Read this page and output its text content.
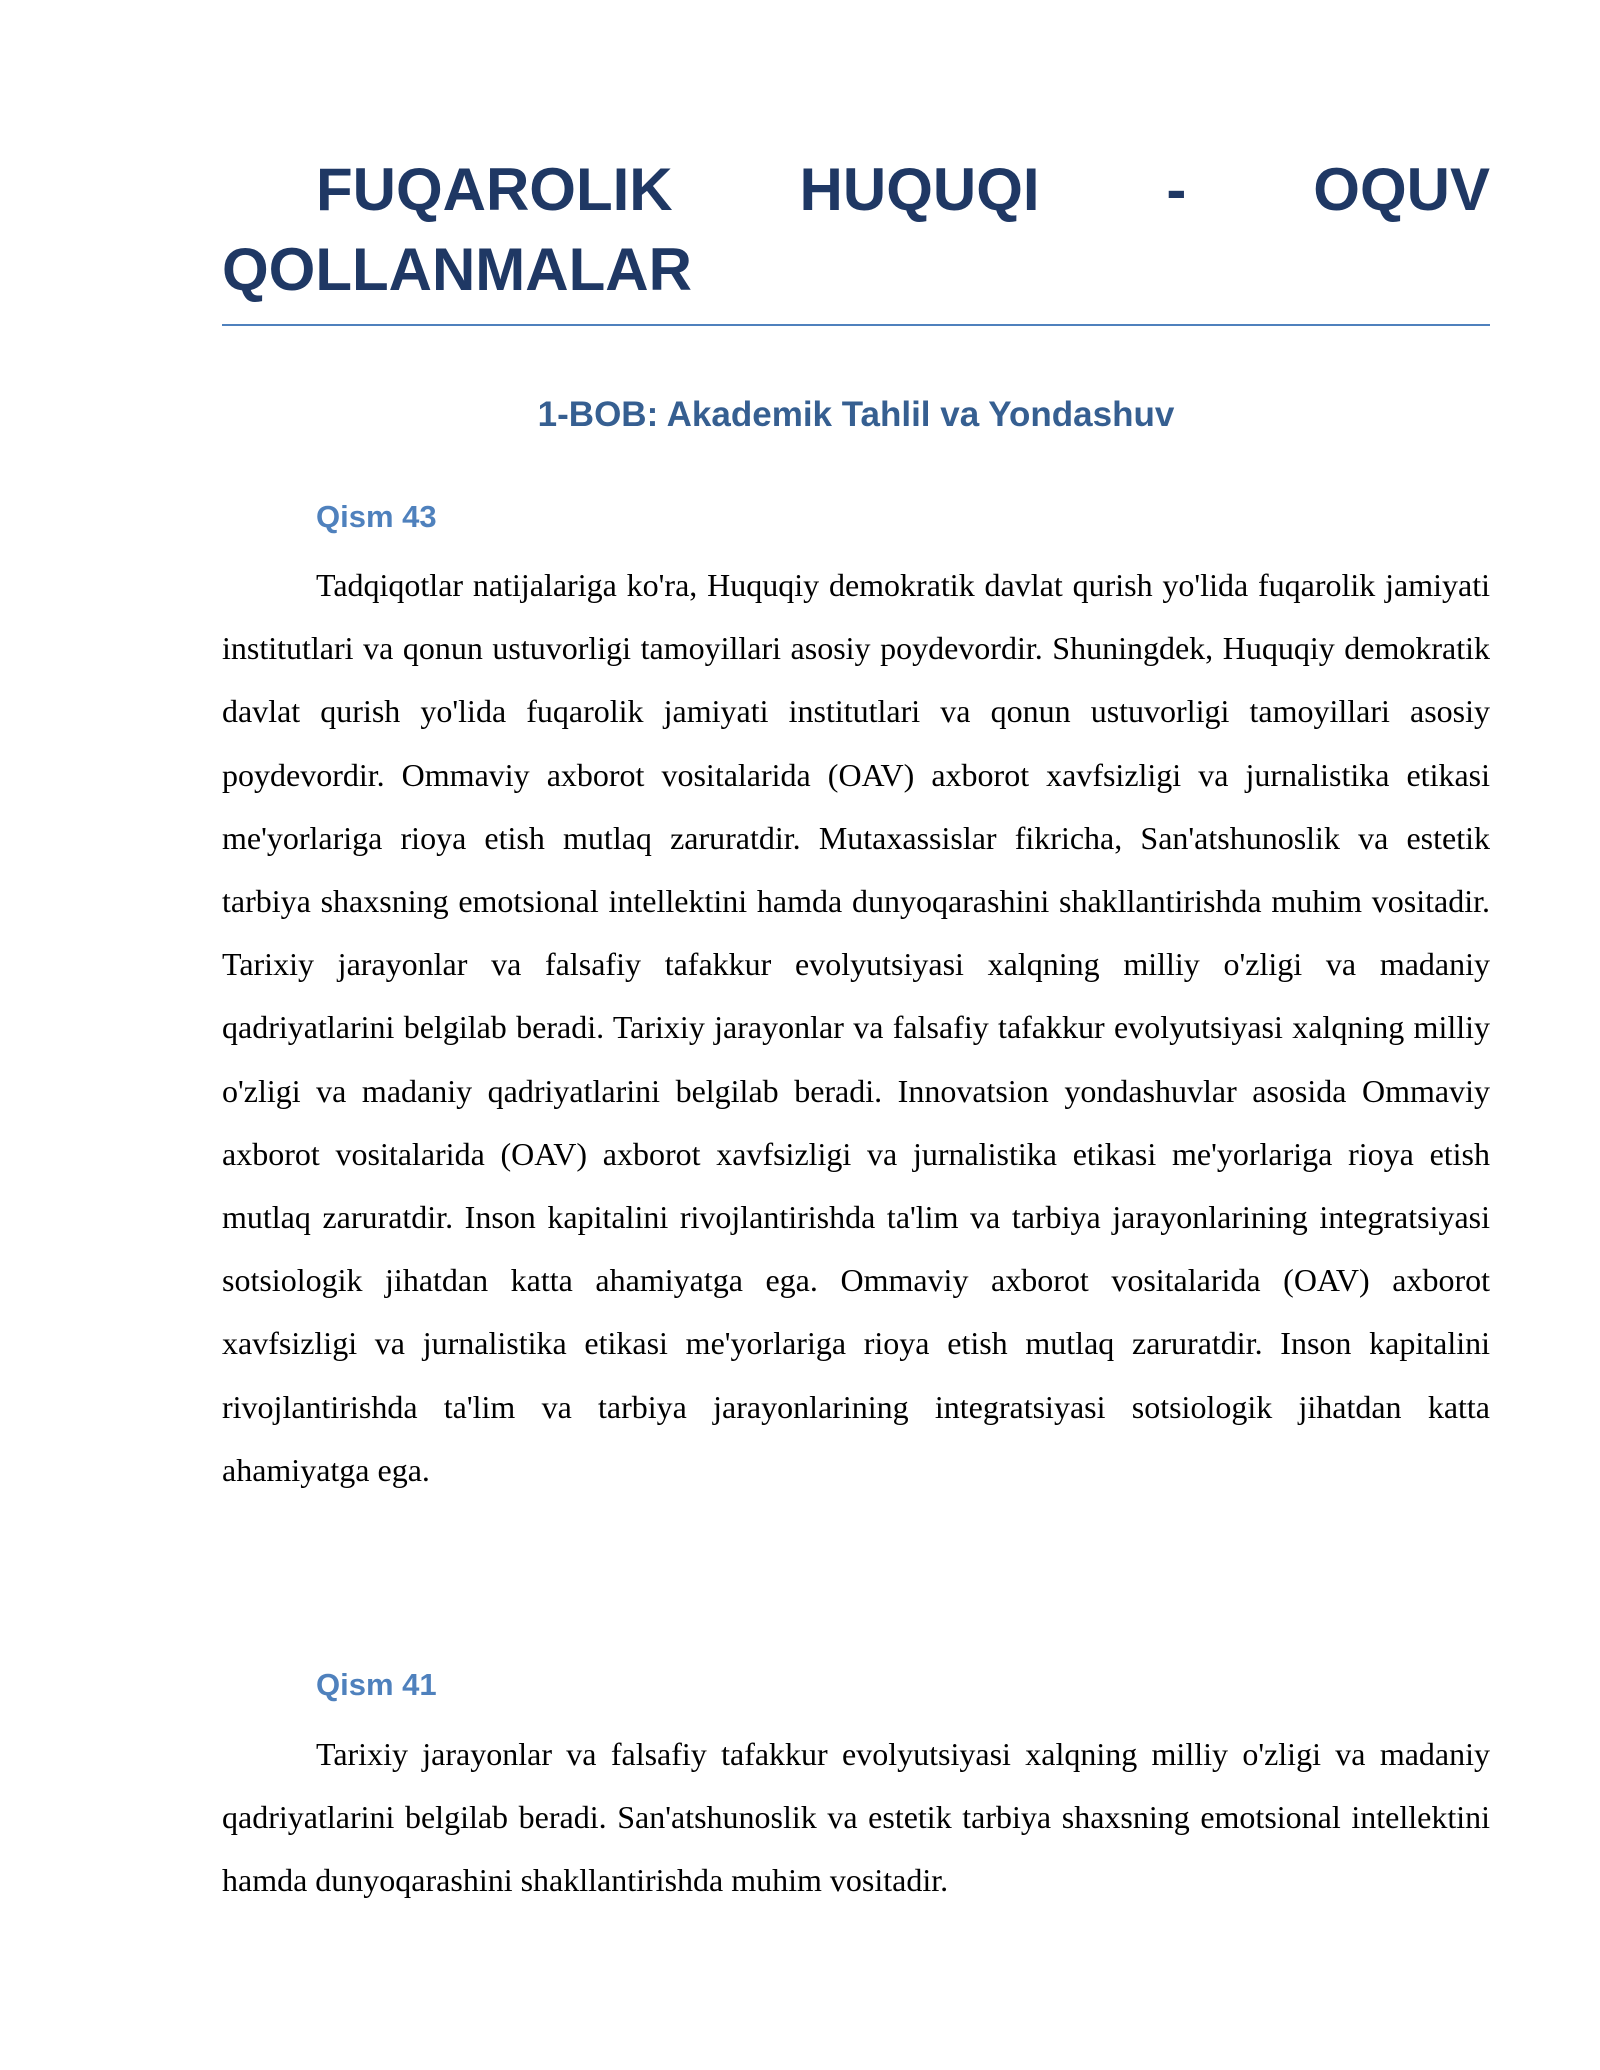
FUQAROLIK HUQUQI - OQUV QOLLANMALAR
1-BOB: Akademik Tahlil va Yondashuv
Qism 43

Tadqiqotlar natijalariga ko'ra, Huquqiy demokratik davlat qurish yo'lida fuqarolik jamiyati institutlari va qonun ustuvorligi tamoyillari asosiy poydevordir. Shuningdek, Huquqiy demokratik davlat qurish yo'lida fuqarolik jamiyati institutlari va qonun ustuvorligi tamoyillari asosiy poydevordir. Ommaviy axborot vositalarida (OAV) axborot xavfsizligi va jurnalistika etikasi me'yorlariga rioya etish mutlaq zaruratdir. Mutaxassislar fikricha, San'atshunoslik va estetik tarbiya shaxsning emotsional intellektini hamda dunyoqarashini shakllantirishda muhim vositadir. Tarixiy jarayonlar va falsafiy tafakkur evolyutsiyasi xalqning milliy o'zligi va madaniy qadriyatlarini belgilab beradi. Tarixiy jarayonlar va falsafiy tafakkur evolyutsiyasi xalqning milliy o'zligi va madaniy qadriyatlarini belgilab beradi. Innovatsion yondashuvlar asosida Ommaviy axborot vositalarida (OAV) axborot xavfsizligi va jurnalistika etikasi me'yorlariga rioya etish mutlaq zaruratdir. Inson kapitalini rivojlantirishda ta'lim va tarbiya jarayonlarining integratsiyasi sotsiologik jihatdan katta ahamiyatga ega. Ommaviy axborot vositalarida (OAV) axborot xavfsizligi va jurnalistika etikasi me'yorlariga rioya etish mutlaq zaruratdir. Inson kapitalini rivojlantirishda ta'lim va tarbiya jarayonlarining integratsiyasi sotsiologik jihatdan katta ahamiyatga ega.

Qism 41

Tarixiy jarayonlar va falsafiy tafakkur evolyutsiyasi xalqning milliy o'zligi va madaniy qadriyatlarini belgilab beradi. San'atshunoslik va estetik tarbiya shaxsning emotsional intellektini hamda dunyoqarashini shakllantirishda muhim vositadir.
